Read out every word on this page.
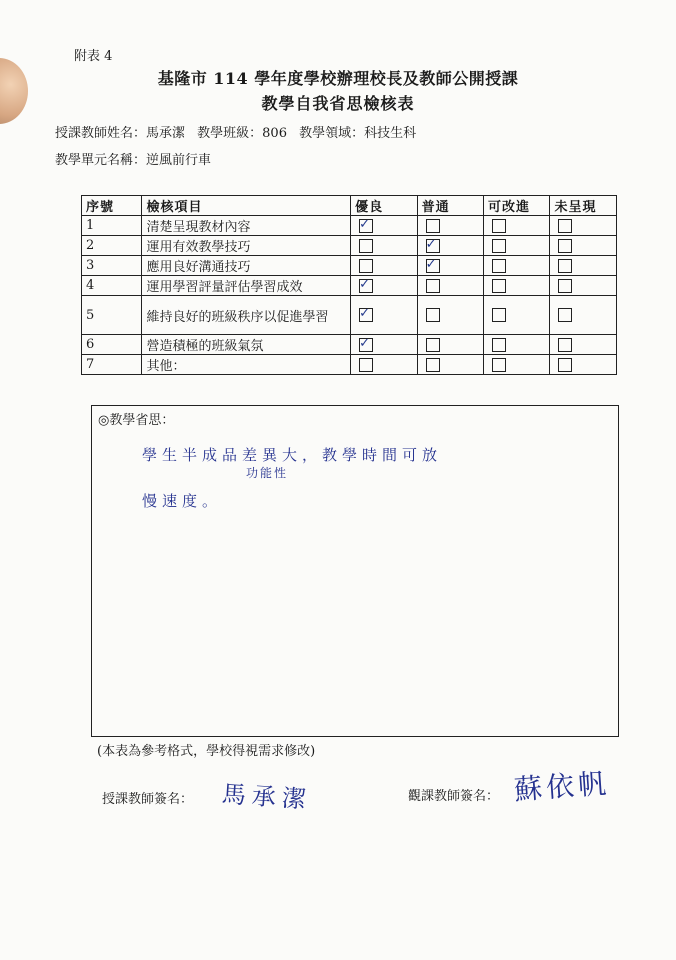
附表 4
基隆市 114 學年度學校辦理校長及教師公開授課
教學自我省思檢核表
授課教師姓名：馬承潔 教學班級：806 教學領域：科技生科
教學單元名稱：逆風前行車
序號	檢核項目	優良	普通	可改進	未呈現
1	清楚呈現教材內容	✓			

2	運用有效教學技巧		✓		

3	應用良好溝通技巧		✓		

4	運用學習評量評估學習成效	✓			

5	維持良好的班級秩序以促進學習	✓			

6	營造積極的班級氣氛	✓			

7	其他：				
◎教學省思：
學生半成品差異大，教學時間可放
功能性
慢速度。
(本表為參考格式，學校得視需求修改)
授課教師簽名： 馬承潔	觀課教師簽名： 蘇依帆
